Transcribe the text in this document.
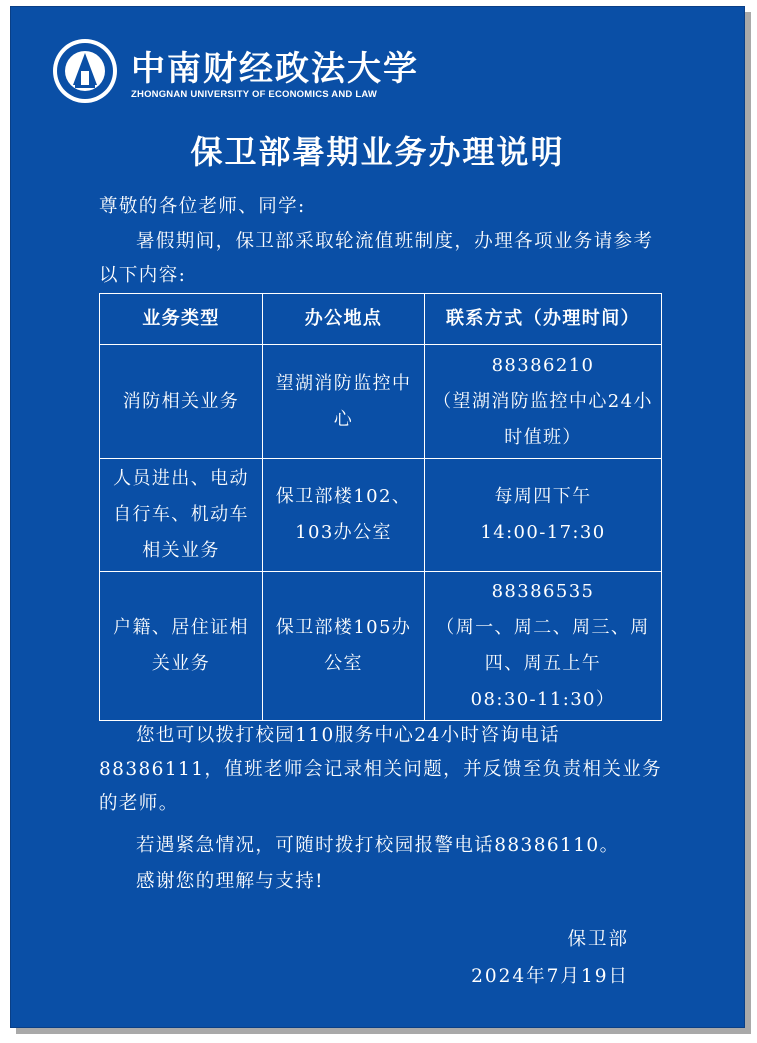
中南财经政法大学
ZHONGNAN UNIVERSITY OF ECONOMICS AND LAW
保卫部暑期业务办理说明
尊敬的各位老师、同学:
暑假期间，保卫部采取轮流值班制度，办理各项业务请参考以下内容:
业务类型	办公地点	联系方式（办理时间）
消防相关业务	望湖消防监控中心	88386210
（望湖消防监控中心24小时值班）
人员进出、电动自行车、机动车相关业务	保卫部楼102、103办公室	每周四下午
14:00-17:30
户籍、居住证相关业务	保卫部楼105办公室	88386535
（周一、周二、周三、周四、周五上午
08:30-11:30）
您也可以拨打校园110服务中心24小时咨询电话88386111，值班老师会记录相关问题，并反馈至负责相关业务的老师。
若遇紧急情况，可随时拨打校园报警电话88386110。
感谢您的理解与支持!
保卫部
2024年7月19日
